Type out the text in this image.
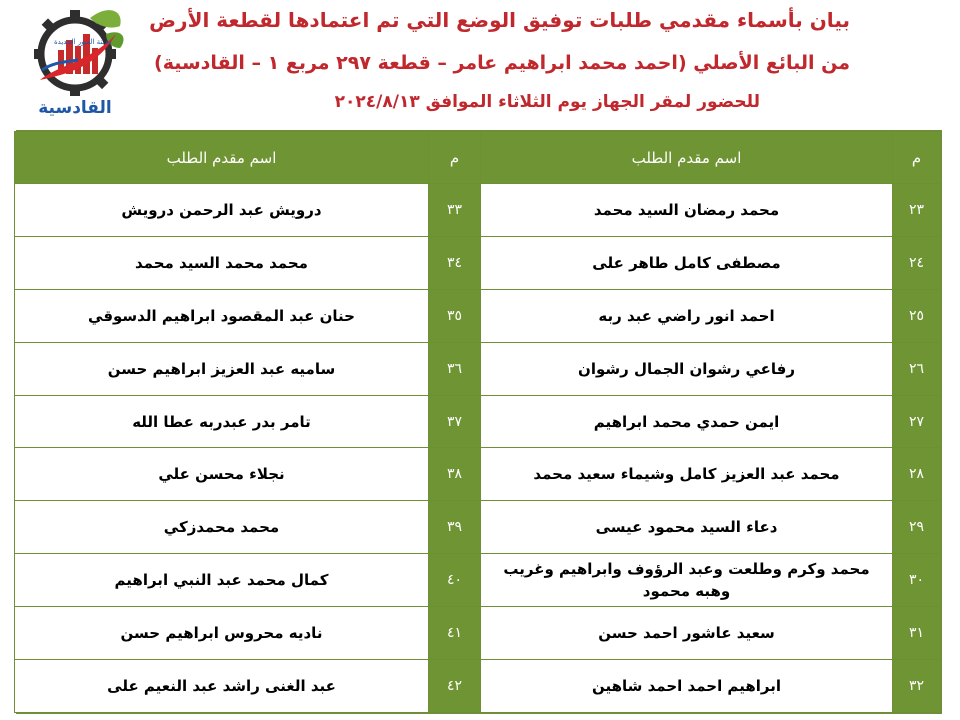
بيان بأسماء مقدمي طلبات توفيق الوضع التي تم اعتمادها لقطعة الأرض
من البائع الأصلي (احمد محمد ابراهيم عامر – قطعة ٢٩٧ مربع ١ – القادسية)
للحضور لمقر الجهاز يوم الثلاثاء الموافق ٢٠٢٤/٨/١٣
مدينة العبور الجديدة
القادسية
م	اسم مقدم الطلب	م	اسم مقدم الطلب
٢٣	محمد رمضان السيد محمد	٣٣	درويش عبد الرحمن درويش
٢٤	مصطفى كامل طاهر على	٣٤	محمد محمد السيد محمد
٢٥	احمد انور راضي عبد ربه	٣٥	حنان عبد المقصود ابراهيم الدسوقي
٢٦	رفاعي رشوان الجمال رشوان	٣٦	ساميه عبد العزيز ابراهيم حسن
٢٧	ايمن حمدي محمد ابراهيم	٣٧	تامر بدر عبدربه عطا الله
٢٨	محمد عبد العزيز كامل وشيماء سعيد محمد	٣٨	نجلاء محسن علي
٢٩	دعاء السيد محمود عيسى	٣٩	محمد محمدزكي
٣٠	محمد وكرم وطلعت وعبد الرؤوف وابراهيم وغريب وهبه محمود	٤٠	كمال محمد عبد النبي ابراهيم
٣١	سعيد عاشور احمد حسن	٤١	ناديه محروس ابراهيم حسن
٣٢	ابراهيم احمد احمد شاهين	٤٢	عبد الغنى راشد عبد النعيم على
